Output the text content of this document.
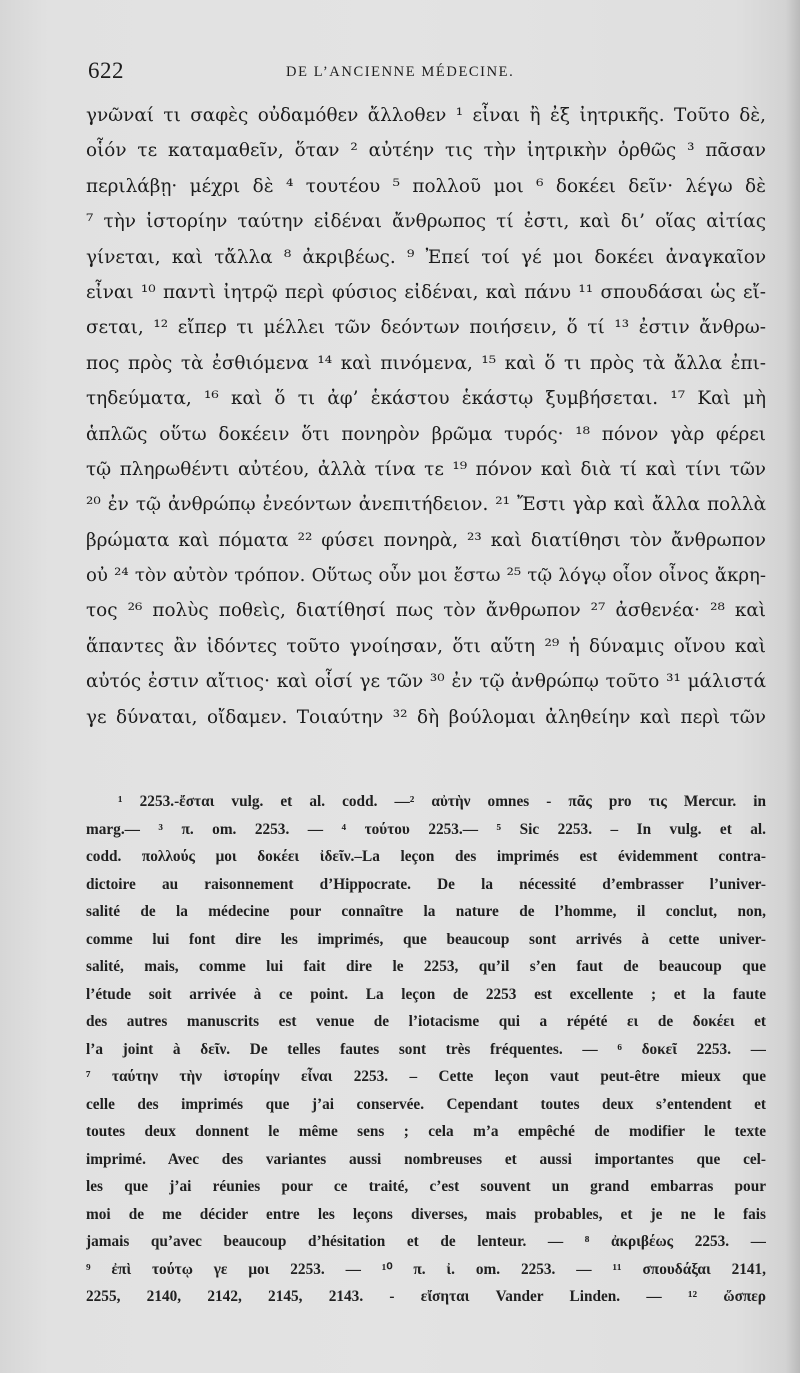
622	DE L’ANCIENNE MÉDECINE.
γνῶναί τι σαφὲς οὐδαμόθεν ἄλλοθεν ¹ εἶναι ἢ ἐξ ἰητρικῆς. Τοῦτο δὲ,
οἷόν τε καταμαθεῖν, ὅταν ² αὐτέην τις τὴν ἰητρικὴν ὀρθῶς ³ πᾶσαν
περιλάβῃ· μέχρι δὲ ⁴ τουτέου ⁵ πολλοῦ μοι ⁶ δοκέει δεῖν· λέγω δὲ
⁷ τὴν ἱστορίην ταύτην εἰδέναι ἄνθρωπος τί ἐστι, καὶ δι’ οἵας αἰτίας
γίνεται, καὶ τἄλλα ⁸ ἀκριβέως. ⁹ Ἐπεί τοί γέ μοι δοκέει ἀναγκαῖον
εἶναι ¹⁰ παντὶ ἰητρῷ περὶ φύσιος εἰδέναι, καὶ πάνυ ¹¹ σπουδάσαι ὡς εἴ-
σεται, ¹² εἴπερ τι μέλλει τῶν δεόντων ποιήσειν, ὅ τί ¹³ ἐστιν ἄνθρω-
πος πρὸς τὰ ἐσθιόμενα ¹⁴ καὶ πινόμενα, ¹⁵ καὶ ὅ τι πρὸς τὰ ἄλλα ἐπι-
τηδεύματα, ¹⁶ καὶ ὅ τι ἀφ’ ἑκάστου ἑκάστῳ ξυμβήσεται. ¹⁷ Καὶ μὴ
ἁπλῶς οὕτω δοκέειν ὅτι πονηρὸν βρῶμα τυρός· ¹⁸ πόνον γὰρ φέρει
τῷ πληρωθέντι αὐτέου, ἀλλὰ τίνα τε ¹⁹ πόνον καὶ διὰ τί καὶ τίνι τῶν
²⁰ ἐν τῷ ἀνθρώπῳ ἐνεόντων ἀνεπιτήδειον. ²¹ Ἔστι γὰρ καὶ ἄλλα πολλὰ
βρώματα καὶ πόματα ²² φύσει πονηρὰ, ²³ καὶ διατίθησι τὸν ἄνθρωπον
οὐ ²⁴ τὸν αὐτὸν τρόπον. Οὕτως οὖν μοι ἔστω ²⁵ τῷ λόγῳ οἷον οἶνος ἄκρη-
τος ²⁶ πολὺς ποθεὶς, διατίθησί πως τὸν ἄνθρωπον ²⁷ ἀσθενέα· ²⁸ καὶ
ἅπαντες ἂν ἰδόντες τοῦτο γνοίησαν, ὅτι αὕτη ²⁹ ἡ δύναμις οἴνου καὶ
αὐτός ἐστιν αἴτιος· καὶ οἷσί γε τῶν ³⁰ ἐν τῷ ἀνθρώπῳ τοῦτο ³¹ μάλιστά
γε δύναται, οἴδαμεν. Τοιαύτην ³² δὴ βούλομαι ἀληθείην καὶ περὶ τῶν
¹ 2253.-ἔσται vulg. et al. codd. —² αὐτὴν omnes - πᾶς pro τις Mercur. in
marg.— ³ π. om. 2253. — ⁴ τούτου 2253.— ⁵ Sic 2253. – In vulg. et al.
codd. πολλούς μοι δοκέει ἰδεῖν.–La leçon des imprimés est évidemment contra-
dictoire au raisonnement d’Hippocrate. De la nécessité d’embrasser l’univer-
salité de la médecine pour connaître la nature de l’homme, il conclut, non,
comme lui font dire les imprimés, que beaucoup sont arrivés à cette univer-
salité, mais, comme lui fait dire le 2253, qu’il s’en faut de beaucoup que
l’étude soit arrivée à ce point. La leçon de 2253 est excellente ; et la faute
des autres manuscrits est venue de l’iotacisme qui a répété ει de δοκέει et
l’a joint à δεῖν. De telles fautes sont très fréquentes. — ⁶ δοκεῖ 2253. —
⁷ ταύτην τὴν ἱστορίην εἶναι 2253. – Cette leçon vaut peut-être mieux que
celle des imprimés que j’ai conservée. Cependant toutes deux s’entendent et
toutes deux donnent le même sens ; cela m’a empêché de modifier le texte
imprimé. Avec des variantes aussi nombreuses et aussi importantes que cel-
les que j’ai réunies pour ce traité, c’est souvent un grand embarras pour
moi de me décider entre les leçons diverses, mais probables, et je ne le fais
jamais qu’avec beaucoup d’hésitation et de lenteur. — ⁸ ἀκριβέως 2253. —
⁹ ἐπὶ τούτῳ γε μοι 2253. — ¹⁰ π. ἰ. om. 2253. — ¹¹ σπουδάξαι 2141,
2255, 2140, 2142, 2145, 2143. - εἴσηται Vander Linden. — ¹² ὥσπερ
